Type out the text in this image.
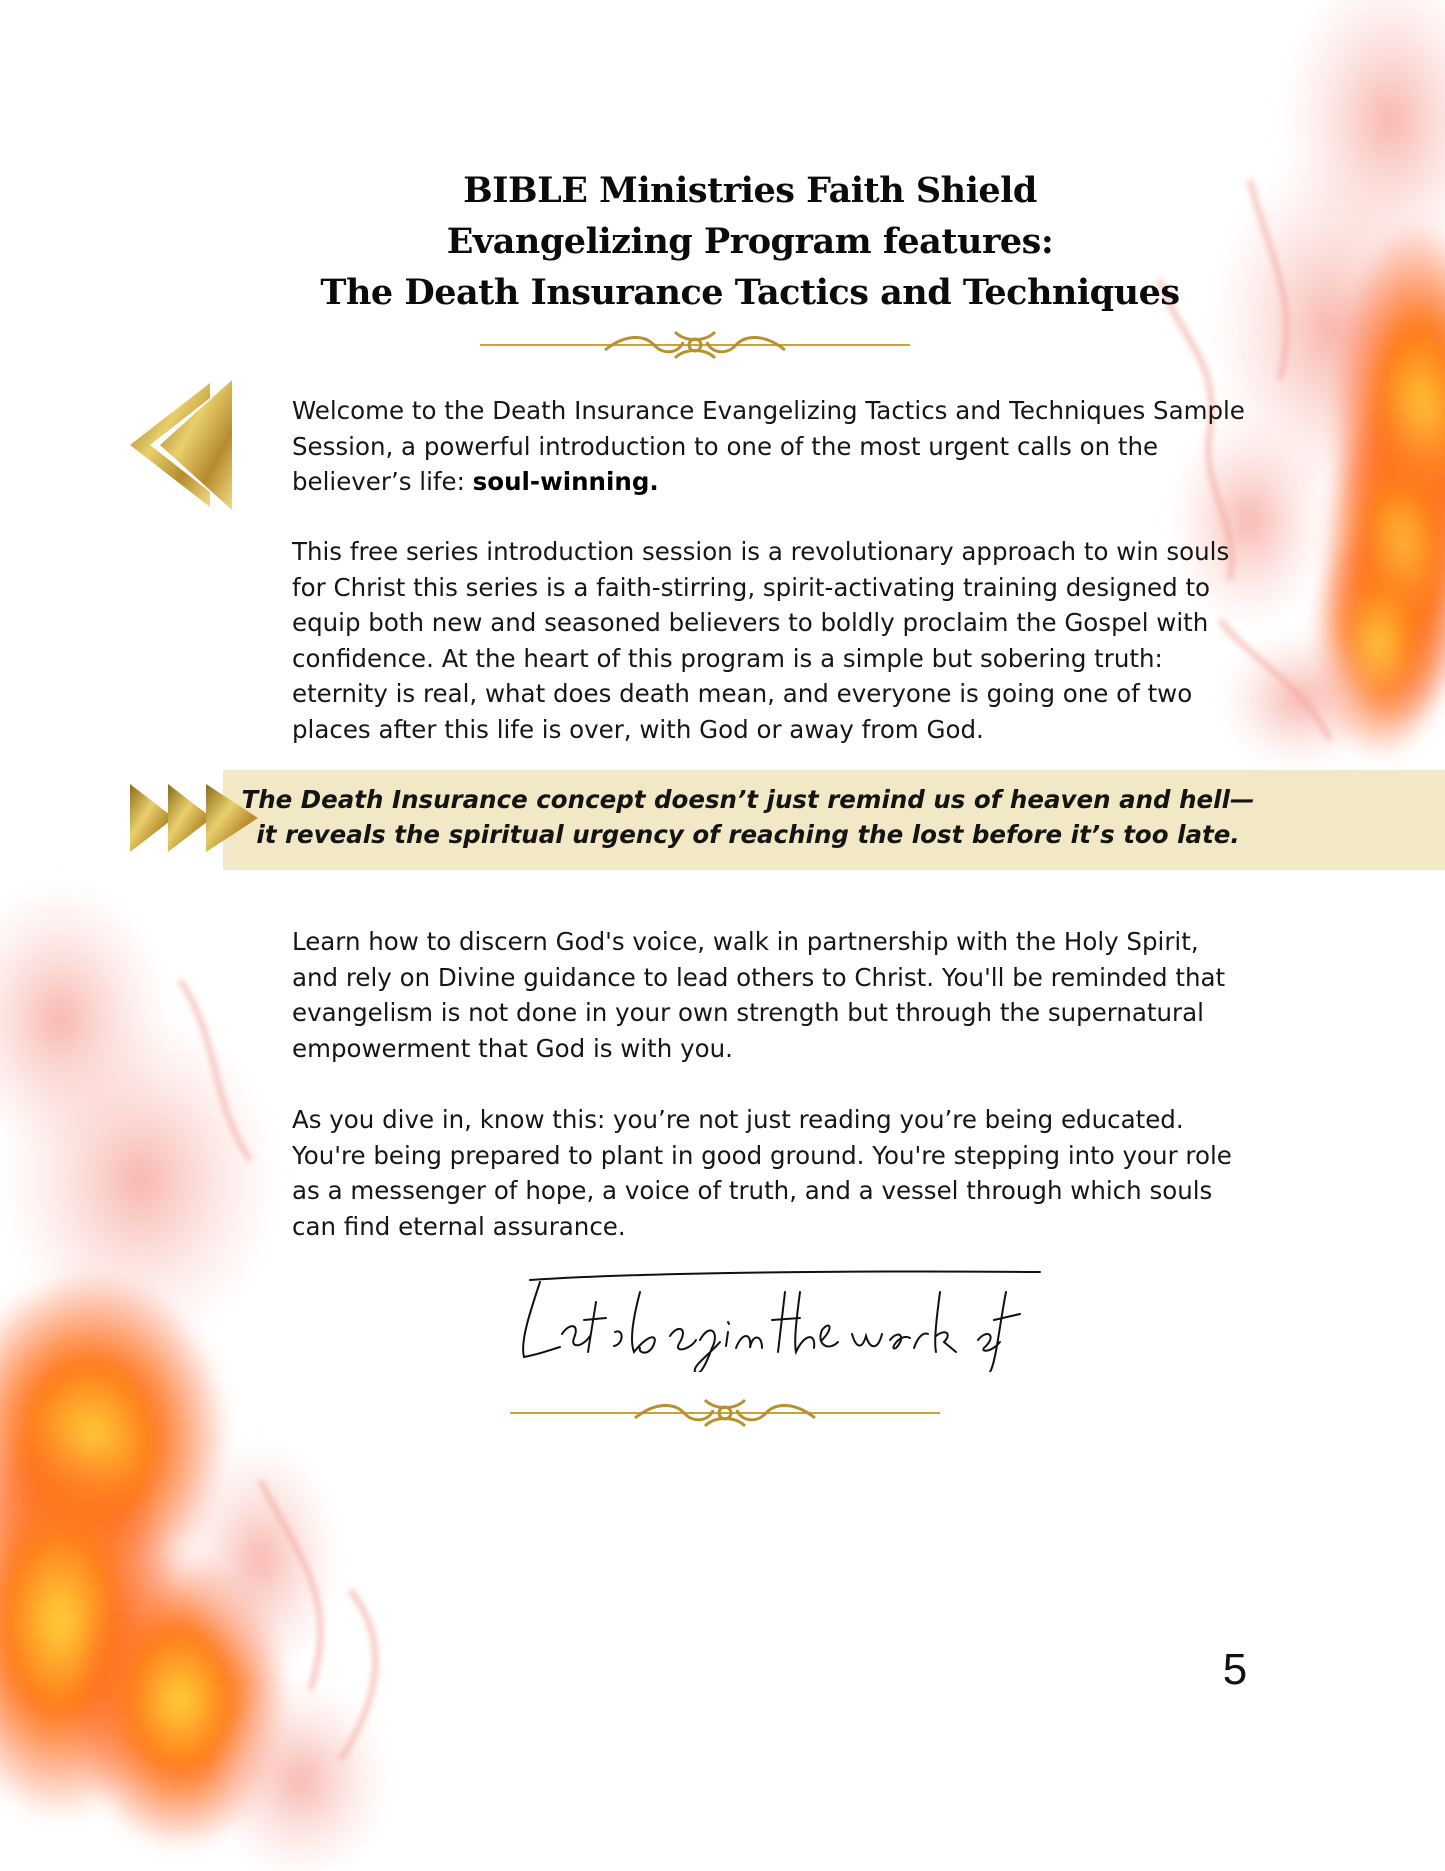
BIBLE Ministries Faith Shield
Evangelizing Program features:
The Death Insurance Tactics and Techniques

Welcome to the Death Insurance Evangelizing Tactics and Techniques Sample Session, a powerful introduction to one of the most urgent calls on the believer’s life: soul-winning.

This free series introduction session is a revolutionary approach to win souls for Christ this series is a faith-stirring, spirit-activating training designed to equip both new and seasoned believers to boldly proclaim the Gospel with confidence. At the heart of this program is a simple but sobering truth: eternity is real, what does death mean, and everyone is going one of two places after this life is over, with God or away from God.

The Death Insurance concept doesn’t just remind us of heaven and hell—
it reveals the spiritual urgency of reaching the lost before it’s too late.

Learn how to discern God's voice, walk in partnership with the Holy Spirit, and rely on Divine guidance to lead others to Christ. You'll be reminded that evangelism is not done in your own strength but through the supernatural empowerment that God is with you.

As you dive in, know this: you’re not just reading you’re being educated. You're being prepared to plant in good ground. You're stepping into your role as a messenger of hope, a voice of truth, and a vessel through which souls can find eternal assurance.

5
